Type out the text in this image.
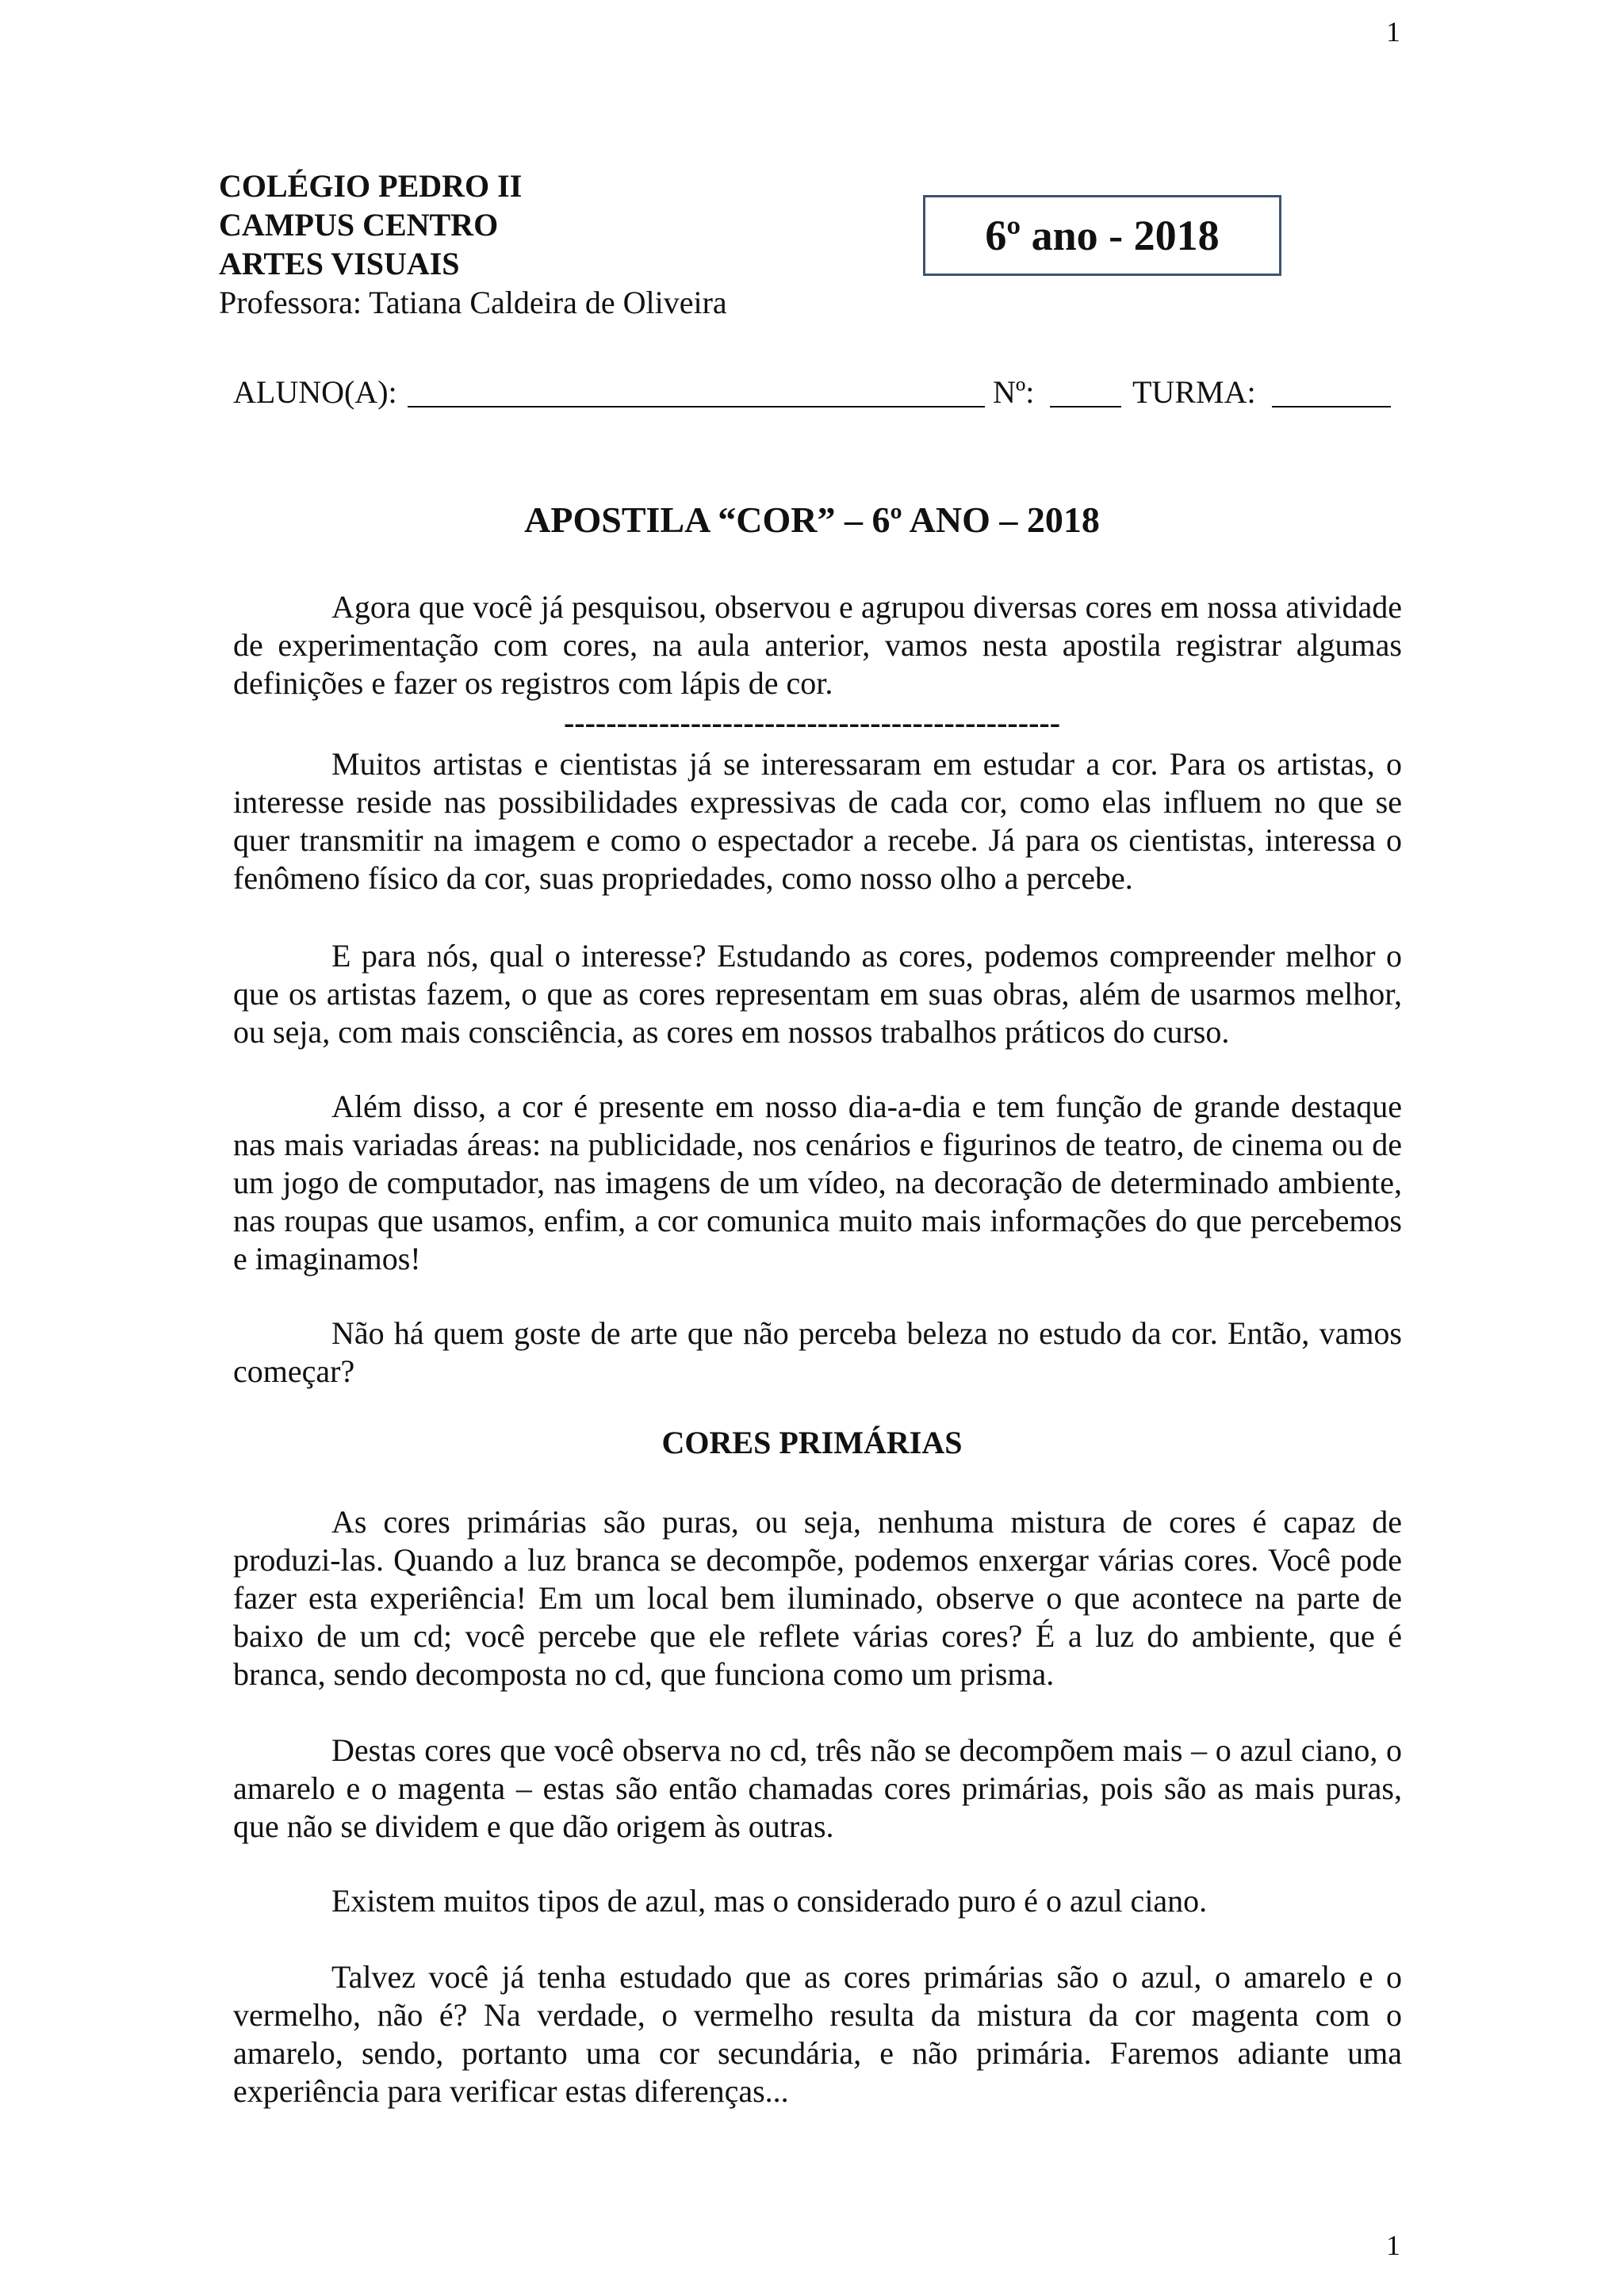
1
COLÉGIO PEDRO II
CAMPUS CENTRO
ARTES VISUAIS
Professora: Tatiana Caldeira de Oliveira
6º ano - 2018
ALUNO(A):	Nº:	TURMA:
APOSTILA “COR” – 6º ANO – 2018

Agora que você já pesquisou, observou e agrupou diversas cores em nossa atividade de experimentação com cores, na aula anterior, vamos nesta apostila registrar algumas definições e fazer os registros com lápis de cor.

-----------------------------------------------

Muitos artistas e cientistas já se interessaram em estudar a cor. Para os artistas, o interesse reside nas possibilidades expressivas de cada cor, como elas influem no que se quer transmitir na imagem e como o espectador a recebe. Já para os cientistas, interessa o fenômeno físico da cor, suas propriedades, como nosso olho a percebe.

E para nós, qual o interesse? Estudando as cores, podemos compreender melhor o que os artistas fazem, o que as cores representam em suas obras, além de usarmos melhor, ou seja, com mais consciência, as cores em nossos trabalhos práticos do curso.

Além disso, a cor é presente em nosso dia-a-dia e tem função de grande destaque nas mais variadas áreas: na publicidade, nos cenários e figurinos de teatro, de cinema ou de um jogo de computador, nas imagens de um vídeo, na decoração de determinado ambiente, nas roupas que usamos, enfim, a cor comunica muito mais informações do que percebemos e imaginamos!

Não há quem goste de arte que não perceba beleza no estudo da cor. Então, vamos começar?

CORES PRIMÁRIAS

As cores primárias são puras, ou seja, nenhuma mistura de cores é capaz de produzi-las. Quando a luz branca se decompõe, podemos enxergar várias cores. Você pode fazer esta experiência! Em um local bem iluminado, observe o que acontece na parte de baixo de um cd; você percebe que ele reflete várias cores? É a luz do ambiente, que é branca, sendo decomposta no cd, que funciona como um prisma.

Destas cores que você observa no cd, três não se decompõem mais – o azul ciano, o amarelo e o magenta – estas são então chamadas cores primárias, pois são as mais puras, que não se dividem e que dão origem às outras.

Existem muitos tipos de azul, mas o considerado puro é o azul ciano.

Talvez você já tenha estudado que as cores primárias são o azul, o amarelo e o vermelho, não é? Na verdade, o vermelho resulta da mistura da cor magenta com o amarelo, sendo, portanto uma cor secundária, e não primária. Faremos adiante uma experiência para verificar estas diferenças...

1
